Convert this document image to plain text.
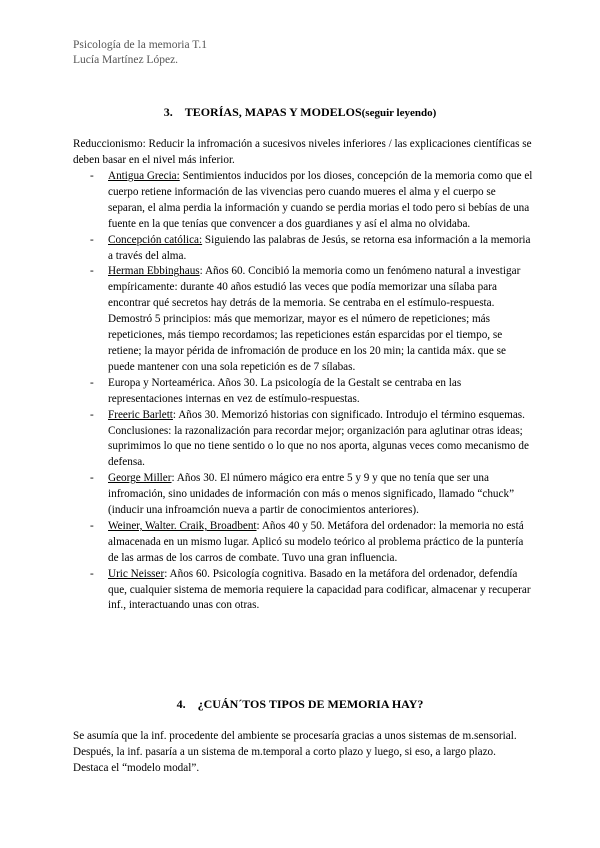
Psicología de la memoria T.1
Lucía Martínez López.
3. TEORÍAS, MAPAS Y MODELOS(seguir leyendo)
Reduccionismo: Reducir la infromación a sucesivos niveles inferiores / las explicaciones científicas se deben basar en el nivel más inferior.
- Antigua Grecia: Sentimientos inducidos por los dioses, concepción de la memoria como que el cuerpo retiene información de las vivencias pero cuando mueres el alma y el cuerpo se separan, el alma perdia la información y cuando se perdia morias el todo pero si bebías de una fuente en la que tenías que convencer a dos guardianes y así el alma no olvidaba.
- Concepción católica: Siguiendo las palabras de Jesús, se retorna esa información a la memoria a través del alma.
- Herman Ebbinghaus: Años 60. Concibió la memoria como un fenómeno natural a investigar empíricamente: durante 40 años estudió las veces que podía memorizar una sílaba para encontrar qué secretos hay detrás de la memoria. Se centraba en el estímulo-respuesta.
Demostró 5 principios: más que memorizar, mayor es el número de repeticiones; más repeticiones, más tiempo recordamos; las repeticiones están esparcidas por el tiempo, se retiene; la mayor périda de infromación de produce en los 20 min; la cantida máx. que se puede mantener con una sola repetición es de 7 sílabas.
- Europa y Norteamérica. Años 30. La psicología de la Gestalt se centraba en las representaciones internas en vez de estímulo-respuestas.
- Freeric Barlett: Años 30. Memorizó historias con significado. Introdujo el término esquemas. Conclusiones: la razonalización para recordar mejor; organización para aglutinar otras ideas; suprimimos lo que no tiene sentido o lo que no nos aporta, algunas veces como mecanismo de defensa.
- George Miller: Años 30. El número mágico era entre 5 y 9 y que no tenía que ser una infromación, sino unidades de información con más o menos significado, llamado “chuck” (inducir una infroamción nueva a partir de conocimientos anteriores).
- Weiner, Walter. Craik, Broadbent: Años 40 y 50. Metáfora del ordenador: la memoria no está almacenada en un mismo lugar. Aplicó su modelo teórico al problema práctico de la puntería de las armas de los carros de combate. Tuvo una gran influencia.
- Uric Neisser: Años 60. Psicología cognitiva. Basado en la metáfora del ordenador, defendía que, cualquier sistema de memoria requiere la capacidad para codificar, almacenar y recuperar inf., interactuando unas con otras.
4. ¿CUÁN´TOS TIPOS DE MEMORIA HAY?
Se asumía que la inf. procedente del ambiente se procesaría gracias a unos sistemas de m.sensorial. Después, la inf. pasaría a un sistema de m.temporal a corto plazo y luego, si eso, a largo plazo. Destaca el “modelo modal”.
